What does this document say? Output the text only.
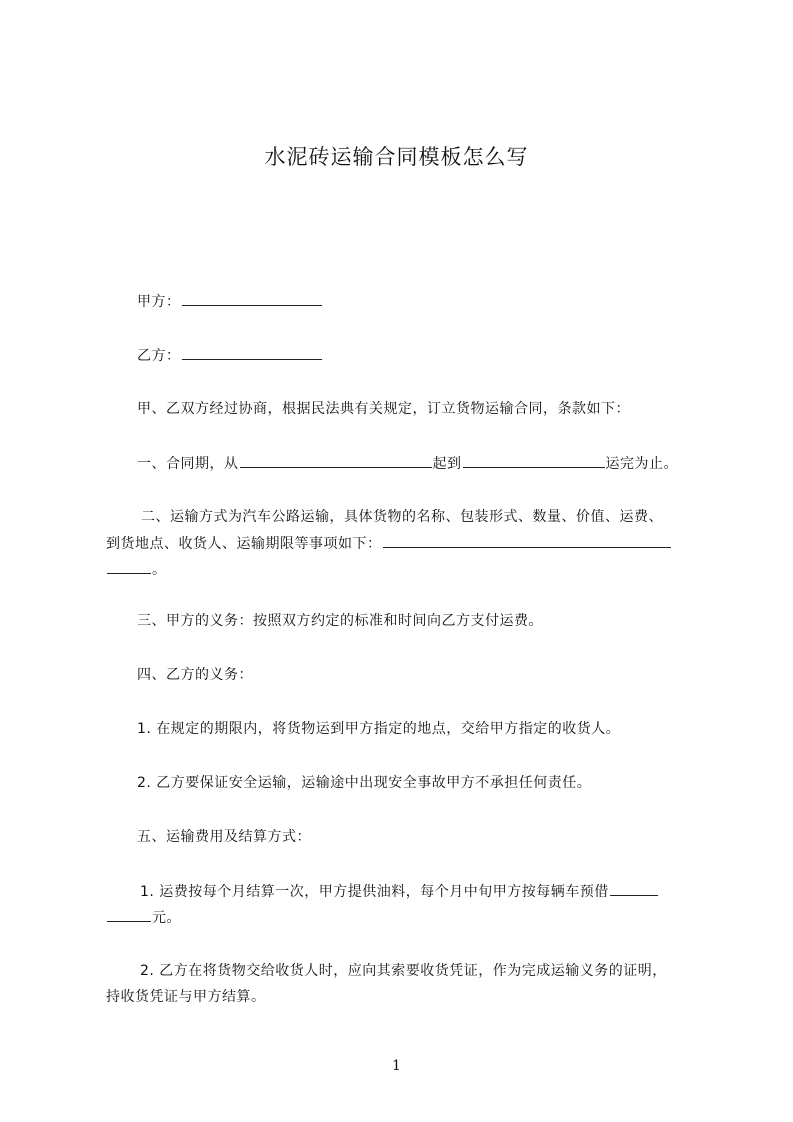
水泥砖运输合同模板怎么写
甲方：
乙方：
甲、乙双方经过协商，根据民法典有关规定，订立货物运输合同，条款如下：
一、合同期，从	起到	运完为止。
二、运输方式为汽车公路运输，具体货物的名称、包装形式、数量、价值、运费、
到货地点、收货人、运输期限等事项如下：
。
三、甲方的义务：按照双方约定的标准和时间向乙方支付运费。
四、乙方的义务：
1. 在规定的期限内，将货物运到甲方指定的地点，交给甲方指定的收货人。
2. 乙方要保证安全运输，运输途中出现安全事故甲方不承担任何责任。
五、运输费用及结算方式：
1. 运费按每个月结算一次，甲方提供油料，每个月中旬甲方按每辆车预借
元。
2. 乙方在将货物交给收货人时，应向其索要收货凭证，作为完成运输义务的证明，
持收货凭证与甲方结算。
1
